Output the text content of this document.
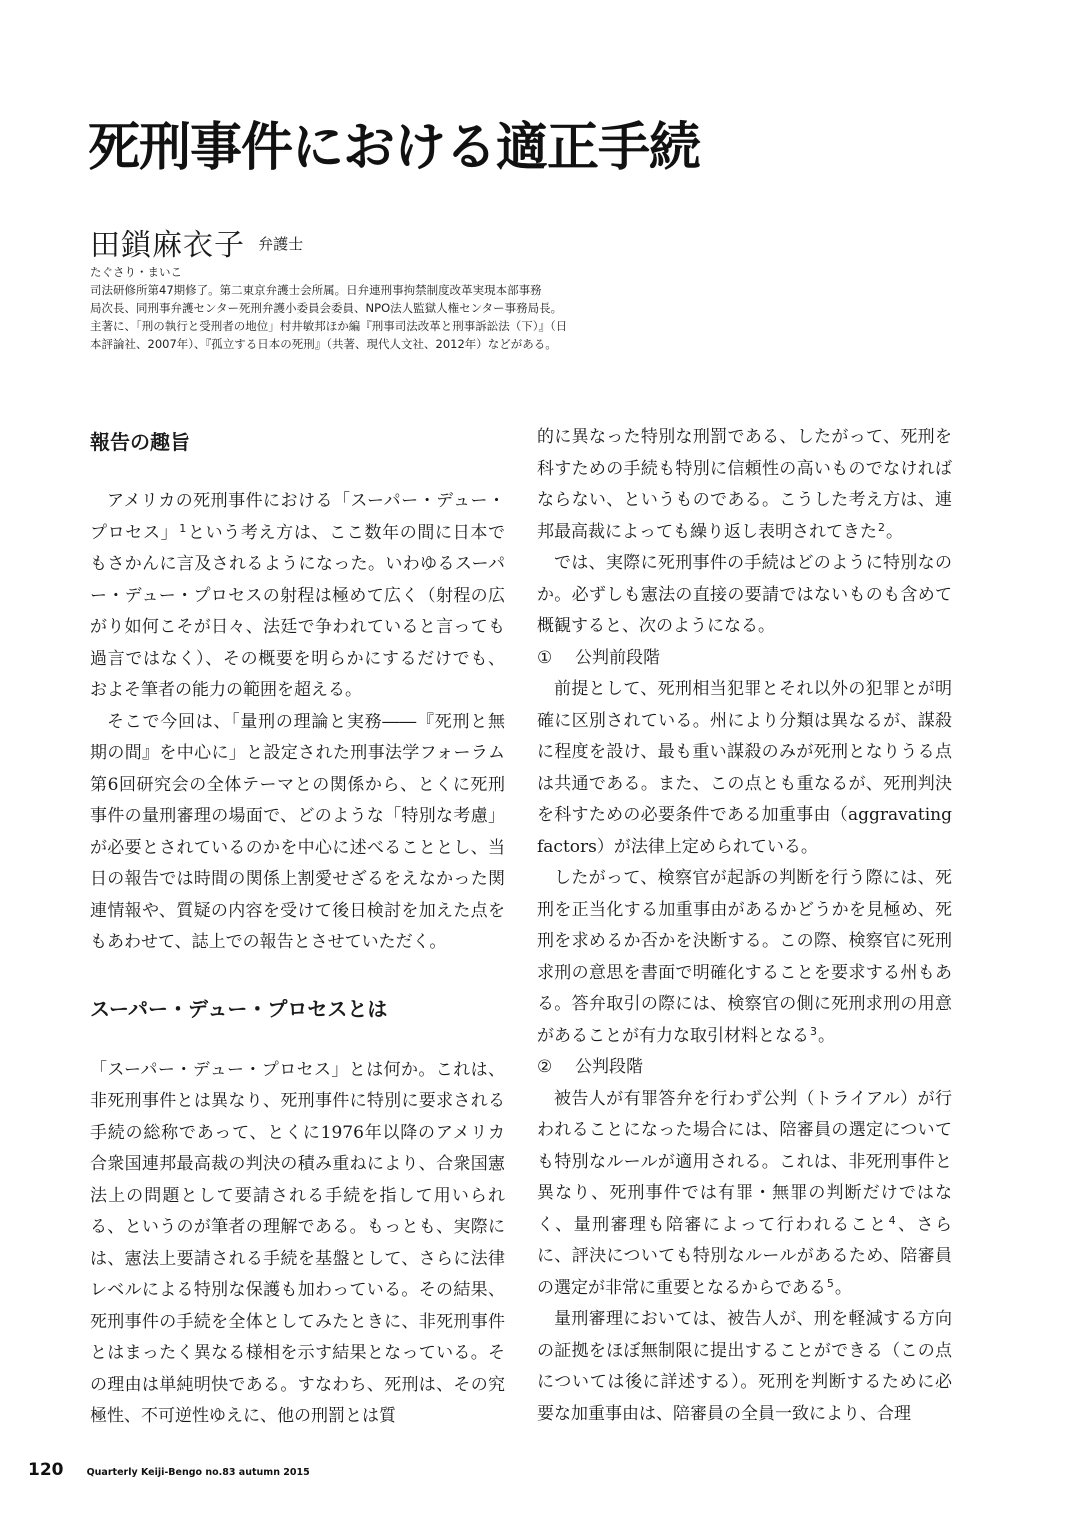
死刑事件における適正手続
田鎖麻衣子 弁護士

たぐさり・まいこ

司法研修所第47期修了。第二東京弁護士会所属。日弁連刑事拘禁制度改革実現本部事務

局次長、同刑事弁護センター死刑弁護小委員会委員、NPO法人監獄人権センター事務局長。

主著に、「刑の執行と受刑者の地位」村井敏邦ほか編『刑事司法改革と刑事訴訟法（下）』（日

本評論社、2007年）、『孤立する日本の死刑』（共著、現代人文社、2012年）などがある。

報告の趣旨

アメリカの死刑事件における「スーパー・デュー・プロセス」$^1$という考え方は、ここ数年の間に日本でもさかんに言及されるようになった。いわゆるスーパー・デュー・プロセスの射程は極めて広く（射程の広がり如何こそが日々、法廷で争われていると言っても過言ではなく）、その概要を明らかにするだけでも、およそ筆者の能力の範囲を超える。

そこで今回は、「量刑の理論と実務――『死刑と無期の間』を中心に」と設定された刑事法学フォーラム第6回研究会の全体テーマとの関係から、とくに死刑事件の量刑審理の場面で、どのような「特別な考慮」が必要とされているのかを中心に述べることとし、当日の報告では時間の関係上割愛せざるをえなかった関連情報や、質疑の内容を受けて後日検討を加えた点をもあわせて、誌上での報告とさせていただく。

スーパー・デュー・プロセスとは

「スーパー・デュー・プロセス」とは何か。これは、非死刑事件とは異なり、死刑事件に特別に要求される手続の総称であって、とくに1976年以降のアメリカ合衆国連邦最高裁の判決の積み重ねにより、合衆国憲法上の問題として要請される手続を指して用いられる、というのが筆者の理解である。もっとも、実際には、憲法上要請される手続を基盤として、さらに法律レベルによる特別な保護も加わっている。その結果、死刑事件の手続を全体としてみたときに、非死刑事件とはまったく異なる様相を示す結果となっている。その理由は単純明快である。すなわち、死刑は、その究極性、不可逆性ゆえに、他の刑罰とは質

的に異なった特別な刑罰である、したがって、死刑を科すための手続も特別に信頼性の高いものでなければならない、というものである。こうした考え方は、連邦最高裁によっても繰り返し表明されてきた$^2$。

では、実際に死刑事件の手続はどのように特別なのか。必ずしも憲法の直接の要請ではないものも含めて概観すると、次のようになる。

① 公判前段階

前提として、死刑相当犯罪とそれ以外の犯罪とが明確に区別されている。州により分類は異なるが、謀殺に程度を設け、最も重い謀殺のみが死刑となりうる点は共通である。また、この点とも重なるが、死刑判決を科すための必要条件である加重事由（aggravating factors）が法律上定められている。

したがって、検察官が起訴の判断を行う際には、死刑を正当化する加重事由があるかどうかを見極め、死刑を求めるか否かを決断する。この際、検察官に死刑求刑の意思を書面で明確化することを要求する州もある。答弁取引の際には、検察官の側に死刑求刑の用意があることが有力な取引材料となる$^3$。

② 公判段階

被告人が有罪答弁を行わず公判（トライアル）が行われることになった場合には、陪審員の選定についても特別なルールが適用される。これは、非死刑事件と異なり、死刑事件では有罪・無罪の判断だけではなく、量刑審理も陪審によって行われること$^4$、さらに、評決についても特別なルールがあるため、陪審員の選定が非常に重要となるからである$^5$。

量刑審理においては、被告人が、刑を軽減する方向の証拠をほぼ無制限に提出することができる（この点については後に詳述する）。死刑を判断するために必要な加重事由は、陪審員の全員一致により、合理

120 Quarterly Keiji-Bengo no.83 autumn 2015
